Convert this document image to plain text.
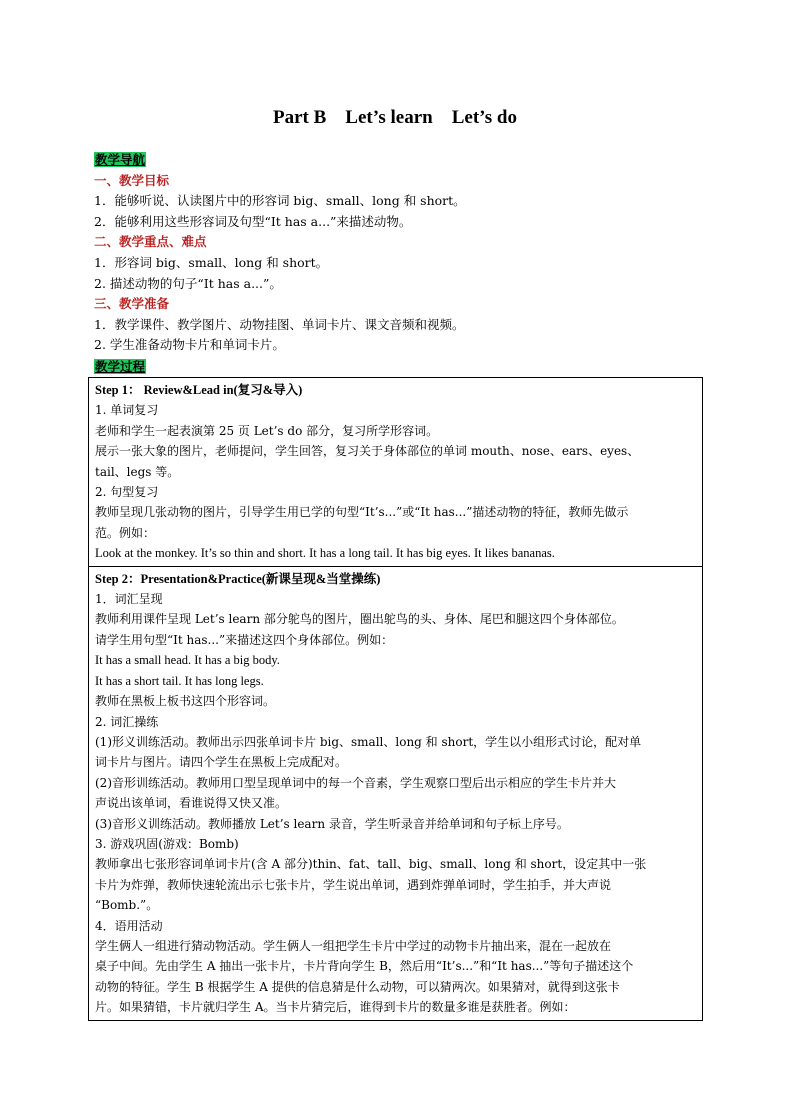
Part B    Let’s learn    Let’s do
教学导航
一、教学目标
1．能够听说、认读图片中的形容词 big、small、long 和 short。
2．能够利用这些形容词及句型“It has a...”来描述动物。
二、教学重点、难点
1．形容词 big、small、long 和 short。
2. 描述动物的句子“It has a...”。
三、教学准备
1．教学课件、教学图片、动物挂图、单词卡片、课文音频和视频。
2. 学生准备动物卡片和单词卡片。
教学过程
Step 1： Review&Lead in(复习&导入)
1. 单词复习
老师和学生一起表演第 25 页 Let’s do 部分，复习所学形容词。
展示一张大象的图片，老师提问，学生回答，复习关于身体部位的单词 mouth、nose、ears、eyes、
tail、legs 等。
2. 句型复习
教师呈现几张动物的图片，引导学生用已学的句型“It’s...”或“It has...”描述动物的特征，教师先做示
范。例如：
Look at the monkey. It’s so thin and short. It has a long tail. It has big eyes. It likes bananas.

Step 2：Presentation&Practice(新课呈现&当堂操练)
1．词汇呈现
教师利用课件呈现 Let’s learn 部分鸵鸟的图片，圈出鸵鸟的头、身体、尾巴和腿这四个身体部位。
请学生用句型“It has...”来描述这四个身体部位。例如：
It has a small head. It has a big body.
It has a short tail. It has long legs.
教师在黑板上板书这四个形容词。
2. 词汇操练
(1)形义训练活动。教师出示四张单词卡片 big、small、long 和 short，学生以小组形式讨论，配对单
词卡片与图片。请四个学生在黑板上完成配对。
(2)音形训练活动。教师用口型呈现单词中的每一个音素，学生观察口型后出示相应的学生卡片并大
声说出该单词，看谁说得又快又准。
(3)音形义训练活动。教师播放 Let’s learn 录音，学生听录音并给单词和句子标上序号。
3. 游戏巩固(游戏：Bomb)
教师拿出七张形容词单词卡片(含 A 部分)thin、fat、tall、big、small、long 和 short，设定其中一张
卡片为炸弹，教师快速轮流出示七张卡片，学生说出单词，遇到炸弹单词时，学生拍手，并大声说
“Bomb.”。
4．语用活动
学生俩人一组进行猜动物活动。学生俩人一组把学生卡片中学过的动物卡片抽出来，混在一起放在
桌子中间。先由学生 A 抽出一张卡片，卡片背向学生 B，然后用“It’s...”和“It has...”等句子描述这个
动物的特征。学生 B 根据学生 A 提供的信息猜是什么动物，可以猜两次。如果猜对，就得到这张卡
片。如果猜错，卡片就归学生 A。当卡片猜完后，谁得到卡片的数量多谁是获胜者。例如：
